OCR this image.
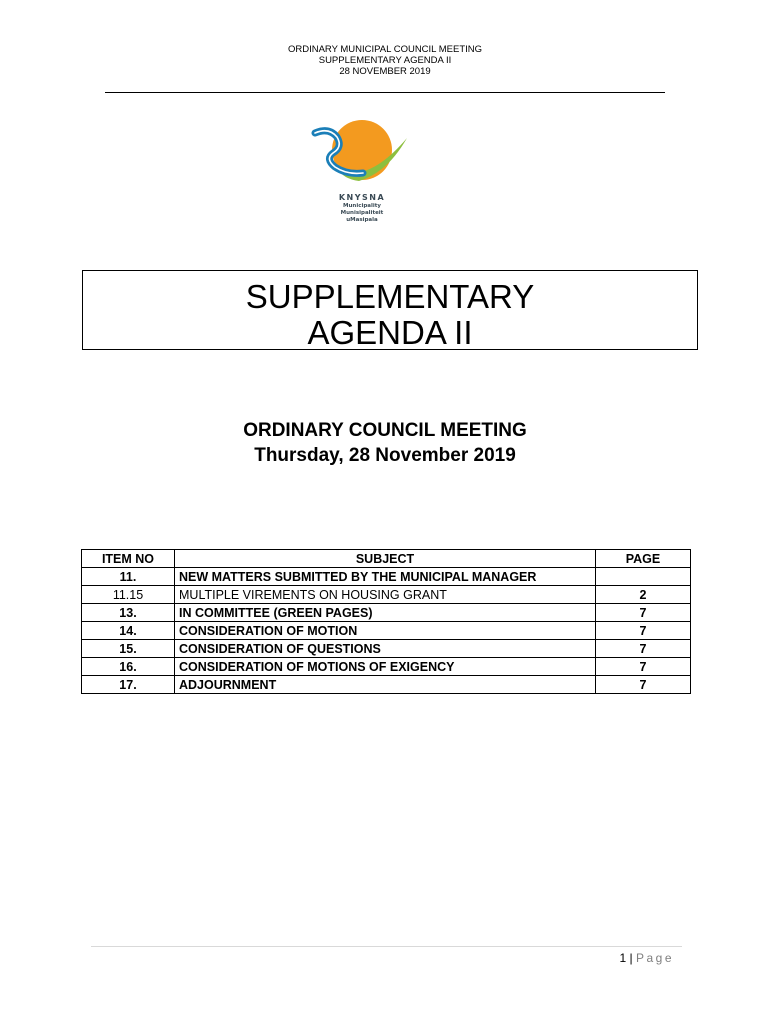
ORDINARY MUNICIPAL COUNCIL MEETING
SUPPLEMENTARY AGENDA II
28 NOVEMBER 2019
KNYSNA
Municipality
Munisipaliteit
uMasipala
SUPPLEMENTARY
AGENDA II
ORDINARY COUNCIL MEETING
Thursday, 28 November 2019
ITEM NO	SUBJECT	PAGE
11.	NEW MATTERS SUBMITTED BY THE MUNICIPAL MANAGER	
11.15	MULTIPLE VIREMENTS ON HOUSING GRANT	2
13.	IN COMMITTEE (GREEN PAGES)	7
14.	CONSIDERATION OF MOTION	7
15.	CONSIDERATION OF QUESTIONS	7
16.	CONSIDERATION OF MOTIONS OF EXIGENCY	7
17.	ADJOURNMENT	7
1 | Page
